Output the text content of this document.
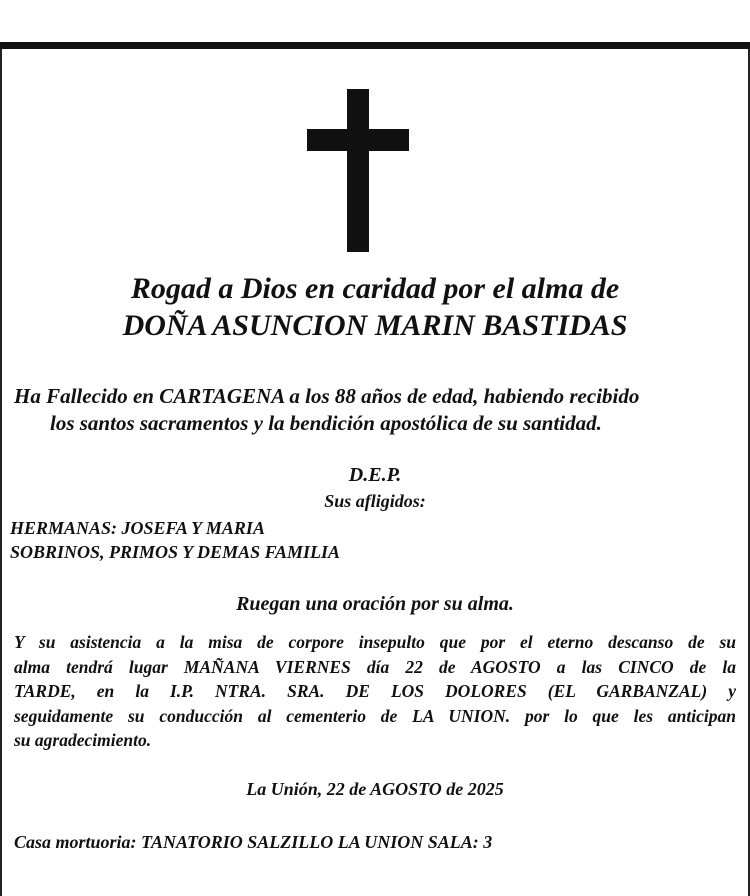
Rogad a Dios en caridad por el alma de
DOÑA ASUNCION MARIN BASTIDAS
Ha Fallecido en CARTAGENA a los 88 años de edad, habiendo recibido
los santos sacramentos y la bendición apostólica de su santidad.
D.E.P.
Sus afligidos:
HERMANAS: JOSEFA Y MARIA
SOBRINOS, PRIMOS Y DEMAS FAMILIA
Ruegan una oración por su alma.
Y su asistencia a la misa de corpore insepulto que por el eterno descanso de su
alma tendrá lugar MAÑANA VIERNES día 22 de AGOSTO a las CINCO de la
TARDE, en la I.P. NTRA. SRA. DE LOS DOLORES (EL GARBANZAL) y
seguidamente su conducción al cementerio de LA UNION. por lo que les anticipan
su agradecimiento.
La Unión, 22 de AGOSTO de 2025
Casa mortuoria: TANATORIO SALZILLO LA UNION SALA: 3
